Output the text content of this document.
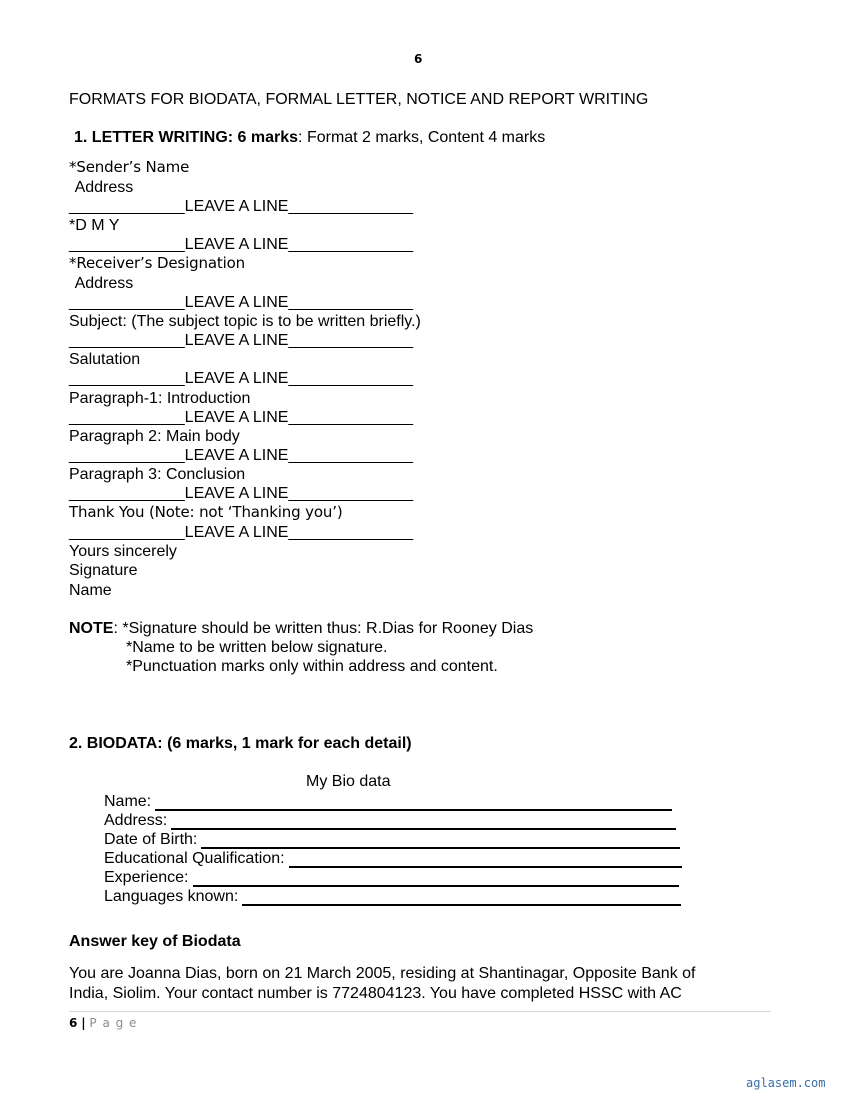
6
FORMATS FOR BIODATA, FORMAL LETTER, NOTICE AND REPORT WRITING
1. LETTER WRITING: 6 marks: Format 2 marks, Content 4 marks
*Sender’s Name
Address
_____________LEAVE A LINE______________
*D M Y
_____________LEAVE A LINE______________
*Receiver’s Designation
Address
_____________LEAVE A LINE______________
Subject: (The subject topic is to be written briefly.)
_____________LEAVE A LINE______________
Salutation
_____________LEAVE A LINE______________
Paragraph-1: Introduction
_____________LEAVE A LINE______________
Paragraph 2: Main body
_____________LEAVE A LINE______________
Paragraph 3: Conclusion
_____________LEAVE A LINE______________
Thank You (Note: not ‘Thanking you’)
_____________LEAVE A LINE______________
Yours sincerely
Signature
Name
NOTE: *Signature should be written thus: R.Dias for Rooney Dias
*Name to be written below signature.
*Punctuation marks only within address and content.
2. BIODATA: (6 marks, 1 mark for each detail)
My Bio data
Name:
Address:
Date of Birth:
Educational Qualification:
Experience:
Languages known:
Answer key of Biodata
You are Joanna Dias, born on 21 March 2005, residing at Shantinagar, Opposite Bank of
India, Siolim. Your contact number is 7724804123. You have completed HSSC with AC
6 | P a g e
aglasem.com
